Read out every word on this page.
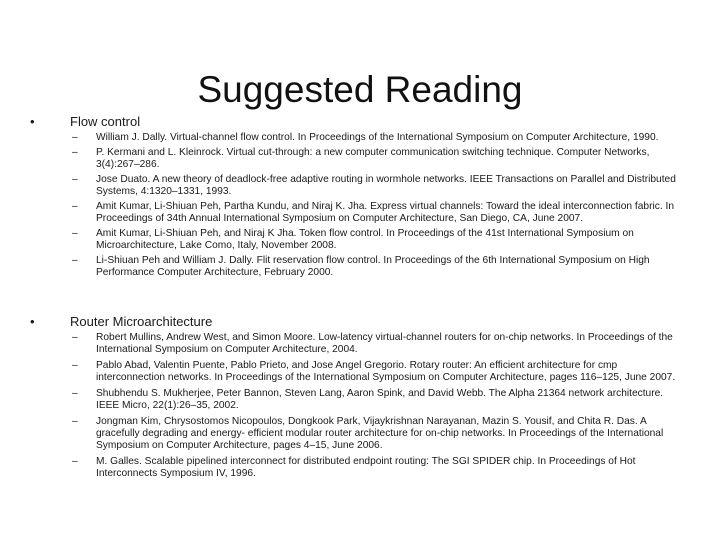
Suggested Reading
•	Flow control
– William J. Dally. Virtual-channel flow control. In Proceedings of the International Symposium on Computer Architecture, 1990.
– P. Kermani and L. Kleinrock. Virtual cut-through: a new computer communication switching technique. Computer Networks, 3(4):267–286.
– Jose Duato. A new theory of deadlock-free adaptive routing in wormhole networks. IEEE Transactions on Parallel and Distributed Systems, 4:1320–1331, 1993.
– Amit Kumar, Li-Shiuan Peh, Partha Kundu, and Niraj K. Jha. Express virtual channels: Toward the ideal interconnection fabric. In Proceedings of 34th Annual International Symposium on Computer Architecture, San Diego, CA, June 2007.
– Amit Kumar, Li-Shiuan Peh, and Niraj K Jha. Token flow control. In Proceedings of the 41st International Symposium on Microarchitecture, Lake Como, Italy, November 2008.
– Li-Shiuan Peh and William J. Dally. Flit reservation flow control. In Proceedings of the 6th International Symposium on High Performance Computer Architecture, February 2000.
•	Router Microarchitecture
– Robert Mullins, Andrew West, and Simon Moore. Low-latency virtual-channel routers for on-chip networks. In Proceedings of the International Symposium on Computer Architecture, 2004.
– Pablo Abad, Valentin Puente, Pablo Prieto, and Jose Angel Gregorio. Rotary router: An efficient architecture for cmp interconnection networks. In Proceedings of the International Symposium on Computer Architecture, pages 116–125, June 2007.
– Shubhendu S. Mukherjee, Peter Bannon, Steven Lang, Aaron Spink, and David Webb. The Alpha 21364 network architecture. IEEE Micro, 22(1):26–35, 2002.
– Jongman Kim, Chrysostomos Nicopoulos, Dongkook Park, Vijaykrishnan Narayanan, Mazin S. Yousif, and Chita R. Das. A gracefully degrading and energy- efficient modular router architecture for on-chip networks. In Proceedings of the International Symposium on Computer Architecture, pages 4–15, June 2006.
– M. Galles. Scalable pipelined interconnect for distributed endpoint routing: The SGI SPIDER chip. In Proceedings of Hot Interconnects Symposium IV, 1996.
